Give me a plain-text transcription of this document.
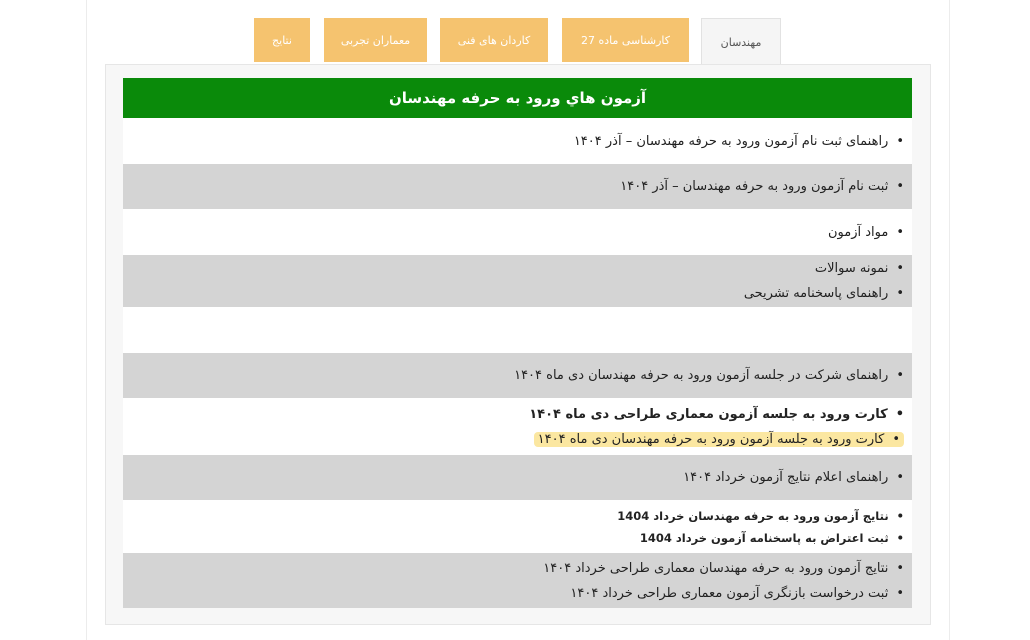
نتایج	معماران تجربی	کاردان های فنی	کارشناسی ماده 27	مهندسان
آزمون هاي ورود به حرفه مهندسان
•راهنمای ثبت نام آزمون ورود به حرفه مهندسان – آذر ۱۴۰۴
•ثبت نام آزمون ورود به حرفه مهندسان – آذر ۱۴۰۴
•مواد آزمون
•نمونه سوالات
•راهنمای پاسخنامه تشریحی
•راهنمای شرکت در جلسه آزمون ورود به حرفه مهندسان دی ماه ۱۴۰۴
•کارت ورود به جلسه آزمون معماری طراحی دی ماه ۱۴۰۴
•کارت ورود به جلسه آزمون ورود به حرفه مهندسان دی ماه ۱۴۰۴
•راهنمای اعلام نتایج آزمون خرداد ۱۴۰۴
•نتایج آزمون ورود به حرفه مهندسان خرداد 1404
•ثبت اعتراض به پاسخنامه آزمون خرداد 1404
•نتایج آزمون ورود به حرفه مهندسان معماری طراحی خرداد ۱۴۰۴
•ثبت درخواست بازنگری آزمون معماری طراحی خرداد ۱۴۰۴
